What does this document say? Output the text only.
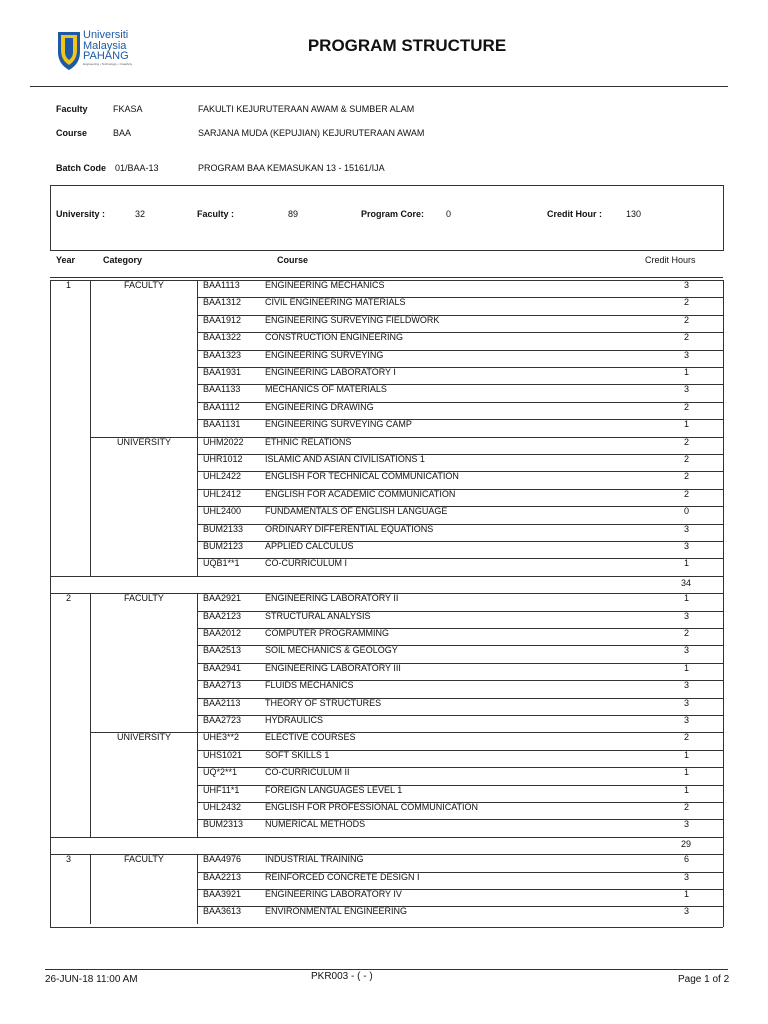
Universiti
Malaysia
PAHANG
Engineering • Technology • Creativity
PROGRAM STRUCTURE
Faculty	FKASA	FAKULTI KEJURUTERAAN AWAM & SUMBER ALAM
Course	BAA	SARJANA MUDA (KEPUJIAN) KEJURUTERAAN AWAM
Batch Code 01/BAA-13	PROGRAM BAA KEMASUKAN 13 - 15161/IJA
University :	32	Faculty :	89	Program Core: 0	Credit Hour :	130
Year	Category	Course	Credit Hours
1	FACULTY	BAA1113	ENGINEERING MECHANICS	3
BAA1312	CIVIL ENGINEERING MATERIALS	2
BAA1912	ENGINEERING SURVEYING FIELDWORK	2
BAA1322	CONSTRUCTION ENGINEERING	2
BAA1323	ENGINEERING SURVEYING	3
BAA1931	ENGINEERING LABORATORY I	1
BAA1133	MECHANICS OF MATERIALS	3
BAA1112	ENGINEERING DRAWING	2
BAA1131	ENGINEERING SURVEYING CAMP	1
UNIVERSITY	UHM2022 ETHNIC RELATIONS	2
UHR1012 ISLAMIC AND ASIAN CIVILISATIONS 1	2
UHL2422	ENGLISH FOR TECHNICAL COMMUNICATION	2
UHL2412	ENGLISH FOR ACADEMIC COMMUNICATION	2
UHL2400	FUNDAMENTALS OF ENGLISH LANGUAGE	0
BUM2133 ORDINARY DIFFERENTIAL EQUATIONS	3
BUM2123 APPLIED CALCULUS	3
UQB1**1	CO-CURRICULUM I	1
34
2	FACULTY	BAA2921	ENGINEERING LABORATORY II	1
BAA2123	STRUCTURAL ANALYSIS	3
BAA2012	COMPUTER PROGRAMMING	2
BAA2513	SOIL MECHANICS & GEOLOGY	3
BAA2941	ENGINEERING LABORATORY III	1
BAA2713	FLUIDS MECHANICS	3
BAA2113	THEORY OF STRUCTURES	3
BAA2723	HYDRAULICS	3
UNIVERSITY	UHE3**2	ELECTIVE COURSES	2
UHS1021	SOFT SKILLS 1	1
UQ*2**1	CO-CURRICULUM II	1
UHF11*1	FOREIGN LANGUAGES LEVEL 1	1
UHL2432	ENGLISH FOR PROFESSIONAL COMMUNICATION	2
BUM2313 NUMERICAL METHODS	3
29
3	FACULTY	BAA4976	INDUSTRIAL TRAINING	6
BAA2213	REINFORCED CONCRETE DESIGN I	3
BAA3921	ENGINEERING LABORATORY IV	1
BAA3613	ENVIRONMENTAL ENGINEERING	3
26-JUN-18 11:00 AM	PKR003 - ( - )	Page 1 of 2
